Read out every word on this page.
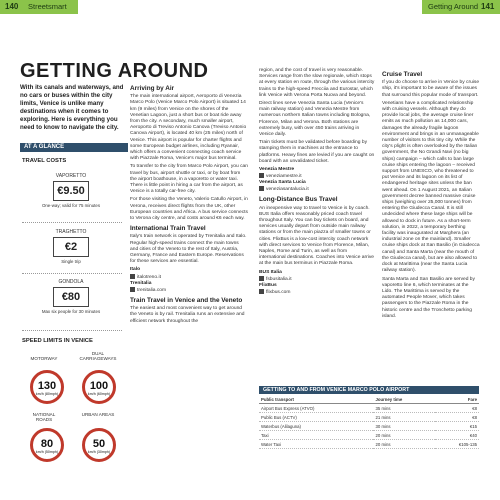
140 Streetsmart	Getting Around 141
GETTING AROUND
With its canals and waterways, and no cars or buses within the city limits, Venice is unlike many destinations when it comes to exploring. Here is everything you need to know to navigate the city.
AT A GLANCE
TRAVEL COSTS
VAPORETTO
€9.50
One-way; valid for 75 minutes
TRAGHETTO
€2
Single trip
GONDOLA
€80
Max six people for 30 minutes
SPEED LIMITS IN VENICE
MOTORWAY
DUAL CARRIAGEWAYS
130
km/h (80mph)
100
km/h (60mph)
NATIONAL ROADS
URBAN AREAS
80
km/h (50mph)
50
km/h (30mph)
Arriving by Air

The main international airport, Aeroporto di Venezia Marco Polo (Venice Marco Polo Airport) is situated 14 km (9 miles) from Venice on the shores of the Venetian Lagoon, just a short bus or boat ride away from the city. A secondary, much smaller airport, Aeroporto di Treviso Antonio Canova (Treviso Antonio Canova Airport), is located 40 km (25 miles) north of Venice. This airport is popular for charter flights and some European budget airlines, including Ryanair, which offers a convenient connecting coach service with Piazzale Roma, Venice's major bus terminal.

To transfer to the city from Marco Polo Airport, you can travel by bus, airport shuttle or taxi, or by boat from the airport boathouse, in a vaporetto or water taxi. There is little point in hiring a car from the airport, as Venice is a totally car-free city.

For those visiting the Veneto, Valerio Catullo Airport, in Verona, receives direct flights from the UK, other European countries and Africa. A bus service connects to Verona city centre, and costs around €6 each way.

International Train Travel

Italy's train network is operated by Trenitalia and Italo. Regular high-speed trains connect the main towns and cities of the Veneto to the rest of Italy, Austria, Germany, France and Eastern Europe. Reservations for these services are essential.

Italo

italotreno.it

Trenitalia

trenitalia.com

Train Travel in Venice and the Veneto

The easiest and most convenient way to get around the Veneto is by rail. Trenitalia runs an extensive and efficient network throughout the

region, and the cost of travel is very reasonable. Services range from the slow regionale, which stops at every station en route, through the various intercity trains to the high-speed Frecciia and Eurostar, which link Venice with Verona Porta Nuova and beyond.

Direct lines serve Venezia Santa Lucia (Venice's main railway station) and Venezia Mestre from numerous northern Italian towns including Bologna, Florence, Milan and Verona. Both stations are extremely busy, with over 450 trains arriving in Venice daily.

Train tickets must be validated before boarding by stamping them in machines at the entrance to platforms. Heavy fines are levied if you are caught on board with an unvalidated ticket.

Venezia Mestre

veneziamestre.it

Venezia Santa Lucia

veneziasantalucia.it

Long-Distance Bus Travel

An inexpensive way to travel to Venice is by coach. BUS Italia offers reasonably priced coach travel throughout Italy. You can buy tickets on board, and services usually depart from outside main railway stations or from the main piazza of smaller towns or cities. FlixBus is a low-cost intercity coach network with direct services to Venice from Florence, Milan, Naples, Rome and Turin, as well as from international destinations. Coaches into Venice arrive at the main bus terminus in Piazzale Roma.

BUS Italia

fsbusitalia.it

FlixBus

flixbus.com

Cruise Travel

If you do choose to arrive in Venice by cruise ship, it's important to be aware of the issues that surround this popular mode of transport.

Venetians have a complicated relationship with cruising vessels. Although they do provide local jobs, the average cruise liner emits as much pollution as 14,000 cars, damages the already fragile lagoon environment and brings in an unmanageable number of visitors to this tiny city. While the city's plight is often overlooked by the Italian government, the No Grandi Navi (no big ships) campaign – which calls to ban large cruise ships entering the lagoon – received support from UNESCO, who threatened to put Venice and its lagoon on its list of endangered heritage sites unless the ban went ahead. On 1 August 2021, an Italian government decree banned massive cruise ships (weighing over 25,000 tonnes) from entering the Giudecca Canal. It is still undecided where these large ships will be allowed to dock in future. As a short-term solution, in 2022, a temporary berthing facility was inaugurated at Marghera (an industrial zone on the mainland). Smaller cruise ships dock at San Basilio (in Giudecca canal) and Santa Marta (near the mouth of the Giudecca canal), but are also allowed to dock at Marittima (near the Santa Lucia railway station).

Santa Marta and San Basilio are served by vaporetto line 6, which terminates at the Lido. The Marittima is served by the automated People Mover, which takes passengers to the Piazzale Roma in the historic centre and the Tronchetto parking island.

GETTING TO AND FROM VENICE MARCO POLO AIRPORT
Public transport	Journey time	Fare
Airport Bus Express (ATVO)	35 mins	€8
Public Bus (ACTV)	21 mins	€8
Waterbus (Alilaguna)	30 mins	€15
Taxi	20 mins	€40
Water Taxi	20 mins	€105-135
